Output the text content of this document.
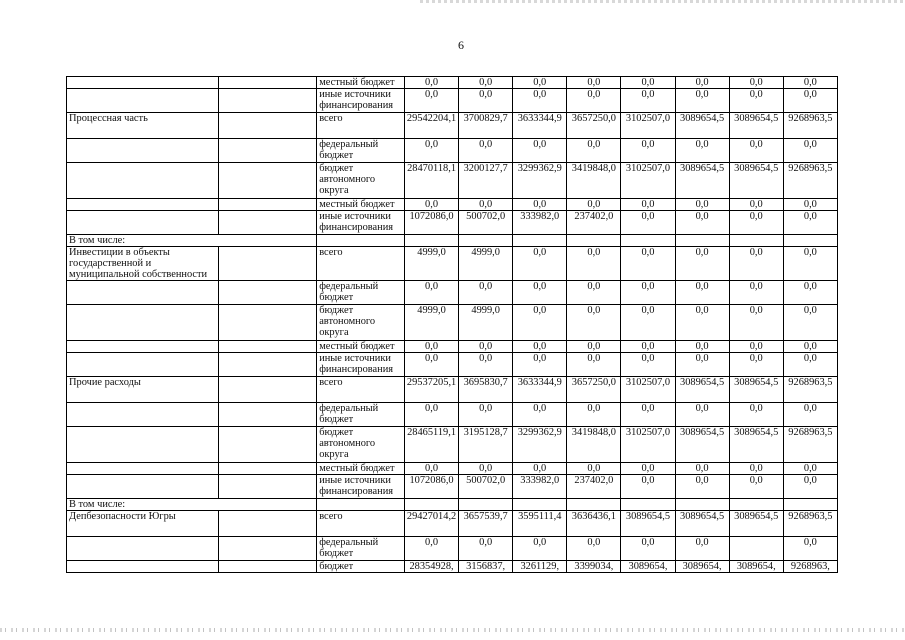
6
		местный бюджет	0,0	0,0	0,0	0,0	0,0	0,0	0,0	0,0
		иные источники финансирования	0,0	0,0	0,0	0,0	0,0	0,0	0,0	0,0
Процессная часть		всего	29542204,1	3700829,7	3633344,9	3657250,0	3102507,0	3089654,5	3089654,5	9268963,5
		федеральный бюджет	0,0	0,0	0,0	0,0	0,0	0,0	0,0	0,0
		бюджет автономного округа	28470118,1	3200127,7	3299362,9	3419848,0	3102507,0	3089654,5	3089654,5	9268963,5
		местный бюджет	0,0	0,0	0,0	0,0	0,0	0,0	0,0	0,0
		иные источники финансирования	1072086,0	500702,0	333982,0	237402,0	0,0	0,0	0,0	0,0
В том числе:										
Инвестиции в объекты государственной и муниципальной собственности		всего	4999,0	4999,0	0,0	0,0	0,0	0,0	0,0	0,0
		федеральный бюджет	0,0	0,0	0,0	0,0	0,0	0,0	0,0	0,0
		бюджет автономного округа	4999,0	4999,0	0,0	0,0	0,0	0,0	0,0	0,0
		местный бюджет	0,0	0,0	0,0	0,0	0,0	0,0	0,0	0,0
		иные источники финансирования	0,0	0,0	0,0	0,0	0,0	0,0	0,0	0,0
Прочие расходы		всего	29537205,1	3695830,7	3633344,9	3657250,0	3102507,0	3089654,5	3089654,5	9268963,5
		федеральный бюджет	0,0	0,0	0,0	0,0	0,0	0,0	0,0	0,0
		бюджет автономного округа	28465119,1	3195128,7	3299362,9	3419848,0	3102507,0	3089654,5	3089654,5	9268963,5
		местный бюджет	0,0	0,0	0,0	0,0	0,0	0,0	0,0	0,0
		иные источники финансирования	1072086,0	500702,0	333982,0	237402,0	0,0	0,0	0,0	0,0
В том числе:										
Депбезопасности Югры		всего	29427014,2	3657539,7	3595111,4	3636436,1	3089654,5	3089654,5	3089654,5	9268963,5
		федеральный бюджет	0,0	0,0	0,0	0,0	0,0	0,0		0,0
		бюджет	28354928,	3156837,	3261129,	3399034,	3089654,	3089654,	3089654,	9268963,
